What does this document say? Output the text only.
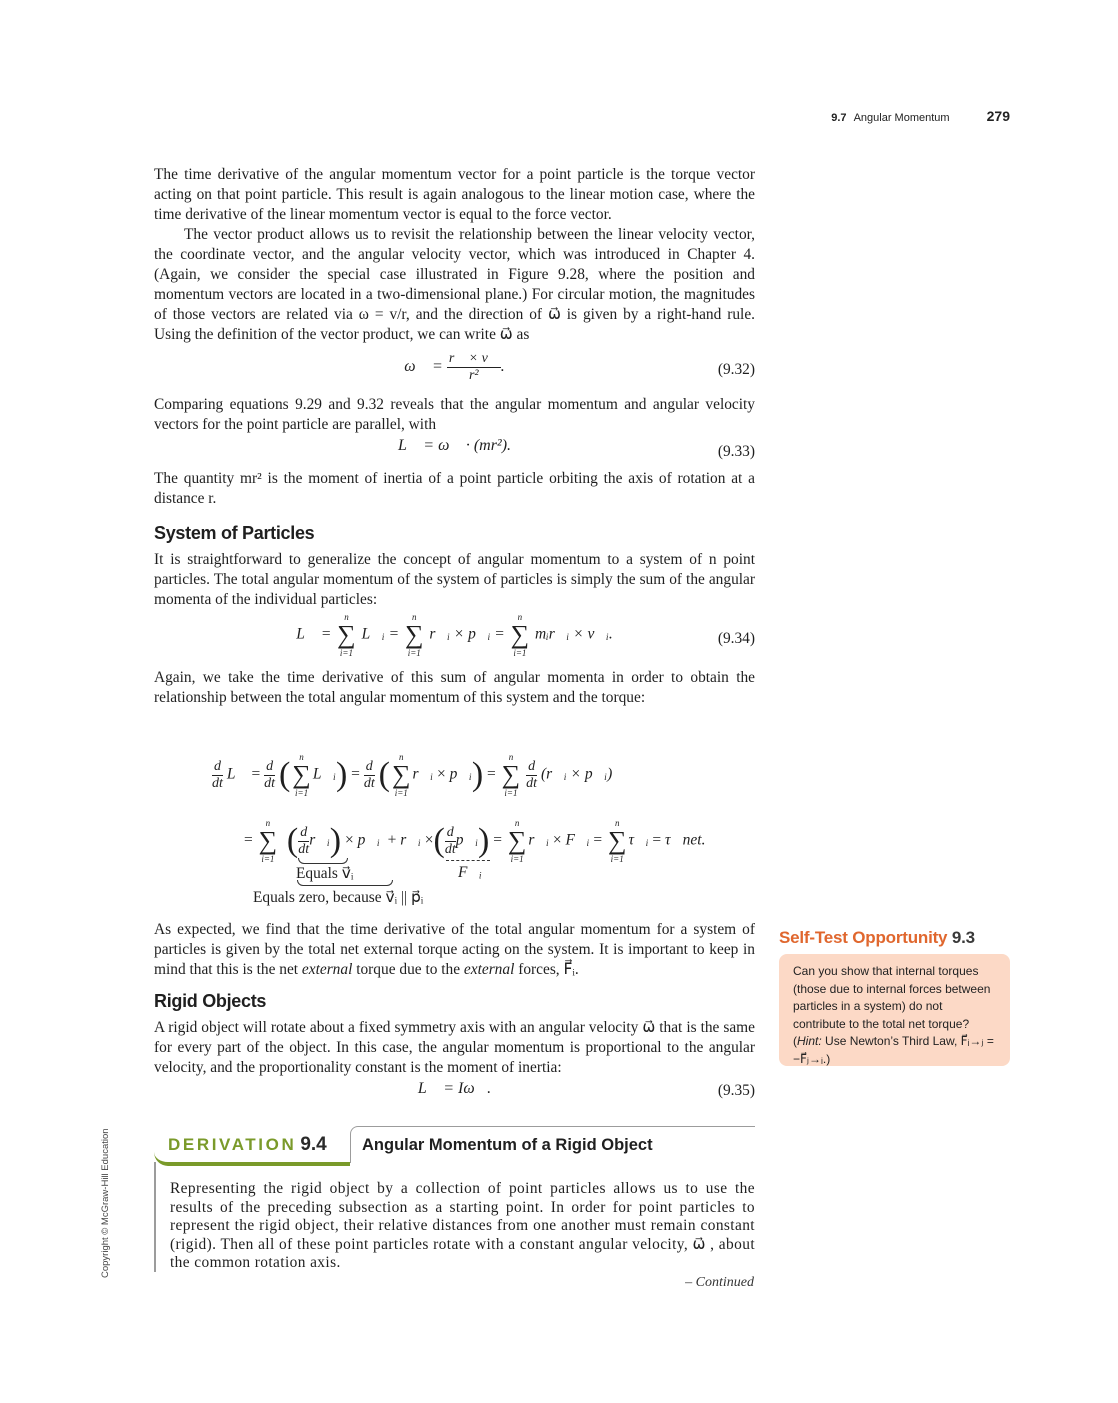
9.7 Angular Momentum	279

The time derivative of the angular momentum vector for a point particle is the torque vector acting on that point particle. This result is again analogous to the linear motion case, where the time derivative of the linear momentum vector is equal to the force vector.

The vector product allows us to revisit the relationship between the linear velocity vector, the coordinate vector, and the angular velocity vector, which was introduced in Chapter 4. (Again, we consider the special case illustrated in Figure 9.28, where the position and momentum vectors are located in a two-dimensional plane.) For circular motion, the magnitudes of those vectors are related via ω = v/r, and the direction of ω⃗ is given by a right-hand rule. Using the definition of the vector product, we can write ω⃗ as

ω⃗ = $\frac{r⃗ \times v⃗}{\text{r²}}$ .	(9.32)

Comparing equations 9.29 and 9.32 reveals that the angular momentum and angular velocity vectors for the point particle are parallel, with

L⃗ = ω⃗ · (mr²).	(9.33)

The quantity mr² is the moment of inertia of a point particle orbiting the axis of rotation at a distance r.

System of Particles

It is straightforward to generalize the concept of angular momentum to a system of n point particles. The total angular momentum of the system of particles is simply the sum of the angular momenta of the individual particles:

L⃗ =
n
∑
i=1
L⃗ᵢ =
n
∑
i=1
r⃗ᵢ × p⃗ᵢ =
n
∑
i=1
mᵢr⃗ᵢ × v⃗ᵢ.	(9.34)

Again, we take the time derivative of this sum of angular momenta in order to obtain the relationship between the total angular momentum of this system and the torque:

$\frac{d}{dt}$ L⃗ = $\frac{d}{dt}$ (	n
∑
i=1
L⃗ᵢ) = $\frac{d}{dt}$ (	n
∑
i=1
r⃗ᵢ × p⃗ᵢ) =
n
∑
i=1

$\frac{d}{dt}$ (r⃗ᵢ × p⃗ᵢ)
=
n
∑
i=1 ( $\frac{d}{dt}$ r⃗ᵢ) × p⃗ᵢ + r⃗ᵢ ×( $\frac{d}{dt}$ p⃗ᵢ) =
n
∑
i=1
r⃗ᵢ × F⃗ᵢ =
n
∑
i=1
τ⃗ᵢ = τ⃗net.
Equals v⃗ᵢ	F⃗ᵢ
Equals zero, because v⃗ᵢ || p⃗ᵢ

As expected, we find that the time derivative of the total angular momentum for a system of particles is given by the total net external torque acting on the system. It is important to keep in mind that this is the net external torque due to the external forces, F⃗ᵢ.

Rigid Objects

A rigid object will rotate about a fixed symmetry axis with an angular velocity ω⃗ that is the same for every part of the object. In this case, the angular momentum is proportional to the angular velocity, and the proportionality constant is the moment of inertia:

L⃗ = Iω⃗.	(9.35)
Self-Test Opportunity 9.3
Can you show that internal torques (those due to internal forces between particles in a system) do not contribute to the total net torque? (Hint: Use Newton’s Third Law, F⃗ᵢ→ⱼ = −F⃗ⱼ→ᵢ.)
DERIVATION 9.4 Angular Momentum of a Rigid Object
Representing the rigid object by a collection of point particles allows us to use the results of the preceding subsection as a starting point. In order for point particles to represent the rigid object, their relative distances from one another must remain constant (rigid). Then all of these point particles rotate with a constant angular velocity, ω⃗ , about the common rotation axis.
– Continued
Copyright © McGraw-Hill Education
